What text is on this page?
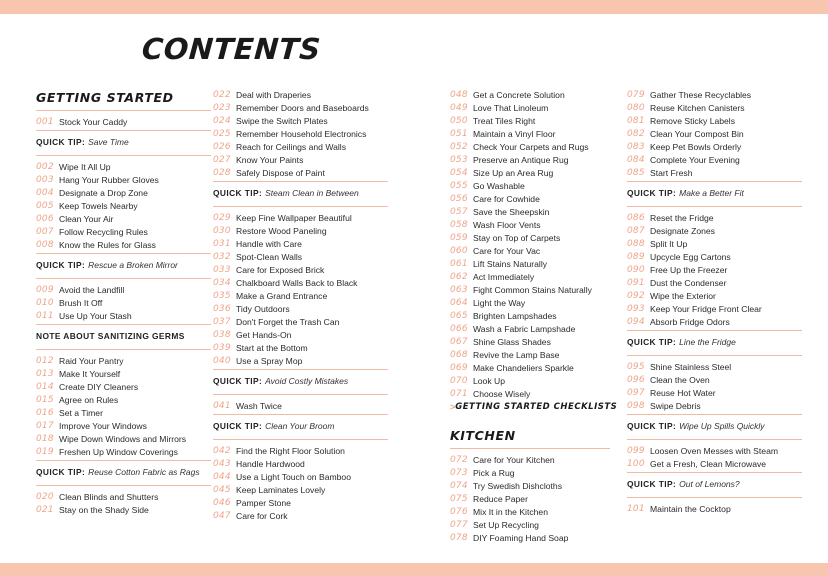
CONTENTS
GETTING STARTED
001 Stock Your Caddy
QUICK TIP: Save Time
002 Wipe It All Up
003 Hang Your Rubber Gloves
004 Designate a Drop Zone
005 Keep Towels Nearby
006 Clean Your Air
007 Follow Recycling Rules
008 Know the Rules for Glass
QUICK TIP: Rescue a Broken Mirror
009 Avoid the Landfill
010 Brush It Off
011 Use Up Your Stash
NOTE ABOUT SANITIZING GERMS
012 Raid Your Pantry
013 Make It Yourself
014 Create DIY Cleaners
015 Agree on Rules
016 Set a Timer
017 Improve Your Windows
018 Wipe Down Windows and Mirrors
019 Freshen Up Window Coverings
QUICK TIP: Reuse Cotton Fabric as Rags
020 Clean Blinds and Shutters
021 Stay on the Shady Side
022 Deal with Draperies
023 Remember Doors and Baseboards
024 Swipe the Switch Plates
025 Remember Household Electronics
026 Reach for Ceilings and Walls
027 Know Your Paints
028 Safely Dispose of Paint
QUICK TIP: Steam Clean in Between
029 Keep Fine Wallpaper Beautiful
030 Restore Wood Paneling
031 Handle with Care
032 Spot-Clean Walls
033 Care for Exposed Brick
034 Chalkboard Walls Back to Black
035 Make a Grand Entrance
036 Tidy Outdoors
037 Don't Forget the Trash Can
038 Get Hands-On
039 Start at the Bottom
040 Use a Spray Mop
QUICK TIP: Avoid Costly Mistakes
041 Wash Twice
QUICK TIP: Clean Your Broom
042 Find the Right Floor Solution
043 Handle Hardwood
044 Use a Light Touch on Bamboo
045 Keep Laminates Lovely
046 Pamper Stone
047 Care for Cork
048 Get a Concrete Solution
049 Love That Linoleum
050 Treat Tiles Right
051 Maintain a Vinyl Floor
052 Check Your Carpets and Rugs
053 Preserve an Antique Rug
054 Size Up an Area Rug
055 Go Washable
056 Care for Cowhide
057 Save the Sheepskin
058 Wash Floor Vents
059 Stay on Top of Carpets
060 Care for Your Vac
061 Lift Stains Naturally
062 Act Immediately
063 Fight Common Stains Naturally
064 Light the Way
065 Brighten Lampshades
066 Wash a Fabric Lampshade
067 Shine Glass Shades
068 Revive the Lamp Base
069 Make Chandeliers Sparkle
070 Look Up
071 Choose Wisely
> GETTING STARTED CHECKLISTS
KITCHEN
072 Care for Your Kitchen
073 Pick a Rug
074 Try Swedish Dishcloths
075 Reduce Paper
076 Mix It in the Kitchen
077 Set Up Recycling
078 DIY Foaming Hand Soap
079 Gather These Recyclables
080 Reuse Kitchen Canisters
081 Remove Sticky Labels
082 Clean Your Compost Bin
083 Keep Pet Bowls Orderly
084 Complete Your Evening
085 Start Fresh
QUICK TIP: Make a Better Fit
086 Reset the Fridge
087 Designate Zones
088 Split It Up
089 Upcycle Egg Cartons
090 Free Up the Freezer
091 Dust the Condenser
092 Wipe the Exterior
093 Keep Your Fridge Front Clear
094 Absorb Fridge Odors
QUICK TIP: Line the Fridge
095 Shine Stainless Steel
096 Clean the Oven
097 Reuse Hot Water
098 Swipe Debris
QUICK TIP: Wipe Up Spills Quickly
099 Loosen Oven Messes with Steam
100 Get a Fresh, Clean Microwave
QUICK TIP: Out of Lemons?
101 Maintain the Cocktop
